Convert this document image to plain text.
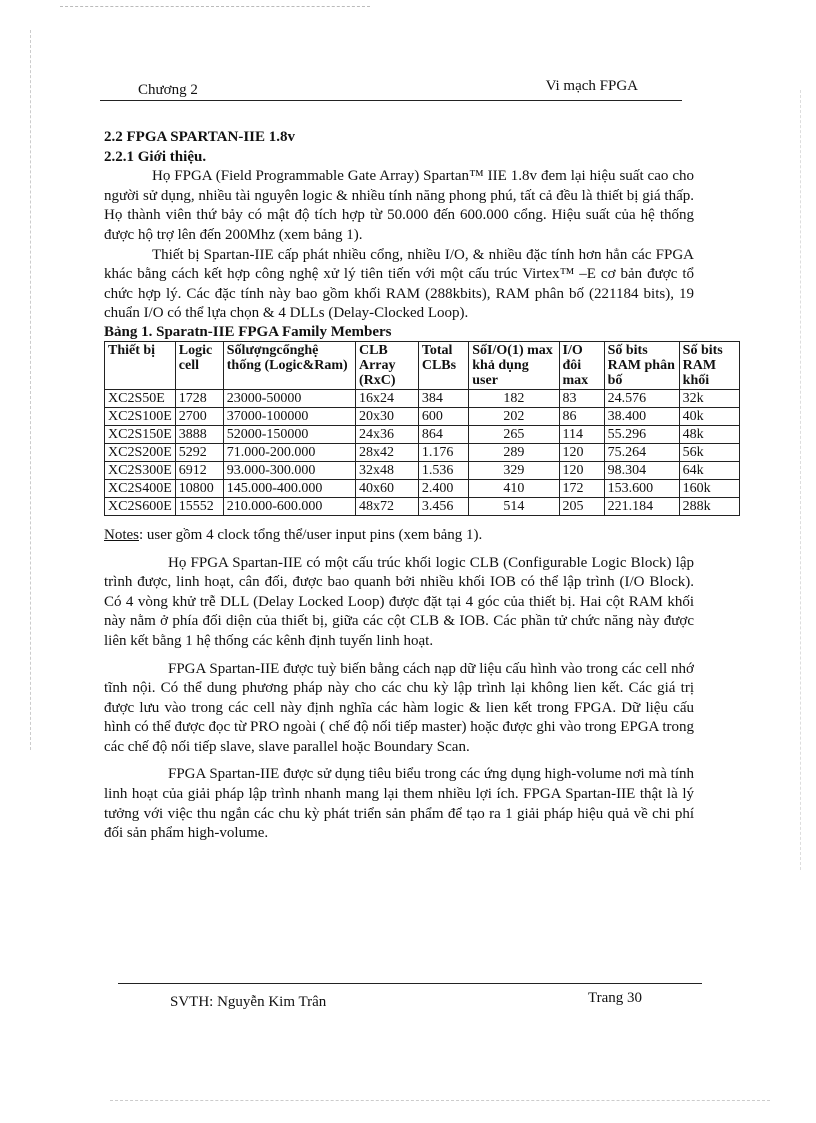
Chương 2	Vi mạch FPGA

2.2 FPGA SPARTAN-IIE 1.8v

2.2.1 Giới thiệu.

Họ FPGA (Field Programmable Gate Array) Spartan™ IIE 1.8v đem lại hiệu suất cao cho người sử dụng, nhiều tài nguyên logic & nhiều tính năng phong phú, tất cả đều là thiết bị giá thấp. Họ thành viên thứ bảy có mật độ tích hợp từ 50.000 đến 600.000 cổng. Hiệu suất của hệ thống được hộ trợ lên đến 200Mhz (xem bảng 1).

Thiết bị Spartan-IIE cấp phát nhiều cổng, nhiều I/O, & nhiều đặc tính hơn hẳn các FPGA khác bằng cách kết hợp công nghệ xử lý tiên tiến với một cấu trúc Virtex™ –E cơ bản được tổ chức hợp lý. Các đặc tính này bao gồm khối RAM (288kbits), RAM phân bố (221184 bits), 19 chuẩn I/O có thể lựa chọn & 4 DLLs (Delay-Clocked Loop).

Bảng 1. Sparatn-IIE FPGA Family Members

Thiết bị	Logic cell	Sốlượngcổnghệ thống (Logic&Ram)	CLB Array (RxC)	Total CLBs	SốI/O(1) max khả dụng user	I/O đôi max	Số bits RAM phân bố	Số bits RAM khối
XC2S50E	1728	23000-50000	16x24	384	182	83	24.576	32k
XC2S100E	2700	37000-100000	20x30	600	202	86	38.400	40k
XC2S150E	3888	52000-150000	24x36	864	265	114	55.296	48k
XC2S200E	5292	71.000-200.000	28x42	1.176	289	120	75.264	56k
XC2S300E	6912	93.000-300.000	32x48	1.536	329	120	98.304	64k
XC2S400E	10800	145.000-400.000	40x60	2.400	410	172	153.600	160k
XC2S600E	15552	210.000-600.000	48x72	3.456	514	205	221.184	288k

Notes: user gồm 4 clock tổng thể/user input pins (xem bảng 1).

Họ FPGA Spartan-IIE có một cấu trúc khối logic CLB (Configurable Logic Block) lập trình được, linh hoạt, cân đối, được bao quanh bởi nhiều khối IOB có thể lập trình (I/O Block). Có 4 vòng khử trễ DLL (Delay Locked Loop) được đặt tại 4 góc của thiết bị. Hai cột RAM khối này nằm ở phía đối diện của thiết bị, giữa các cột CLB & IOB. Các phần tử chức năng này được liên kết bằng 1 hệ thống các kênh định tuyến linh hoạt.

FPGA Spartan-IIE được tuỳ biến bằng cách nạp dữ liệu cấu hình vào trong các cell nhớ tĩnh nội. Có thể dung phương pháp này cho các chu kỳ lập trình lại không lien kết. Các giá trị được lưu vào trong các cell này định nghĩa các hàm logic & lien kết trong FPGA. Dữ liệu cấu hình có thể được đọc từ PRO ngoài ( chế độ nối tiếp master) hoặc được ghi vào trong EPGA trong các chế độ nối tiếp slave, slave parallel hoặc Boundary Scan.

FPGA Spartan-IIE được sử dụng tiêu biểu trong các ứng dụng high-volume nơi mà tính linh hoạt của giải pháp lập trình nhanh mang lại them nhiều lợi ích. FPGA Spartan-IIE thật là lý tưởng với việc thu ngắn các chu kỳ phát triển sản phẩm để tạo ra 1 giải pháp hiệu quả về chi phí đối sản phẩm high-volume.

SVTH: Nguyễn Kim Trân	Trang 30
